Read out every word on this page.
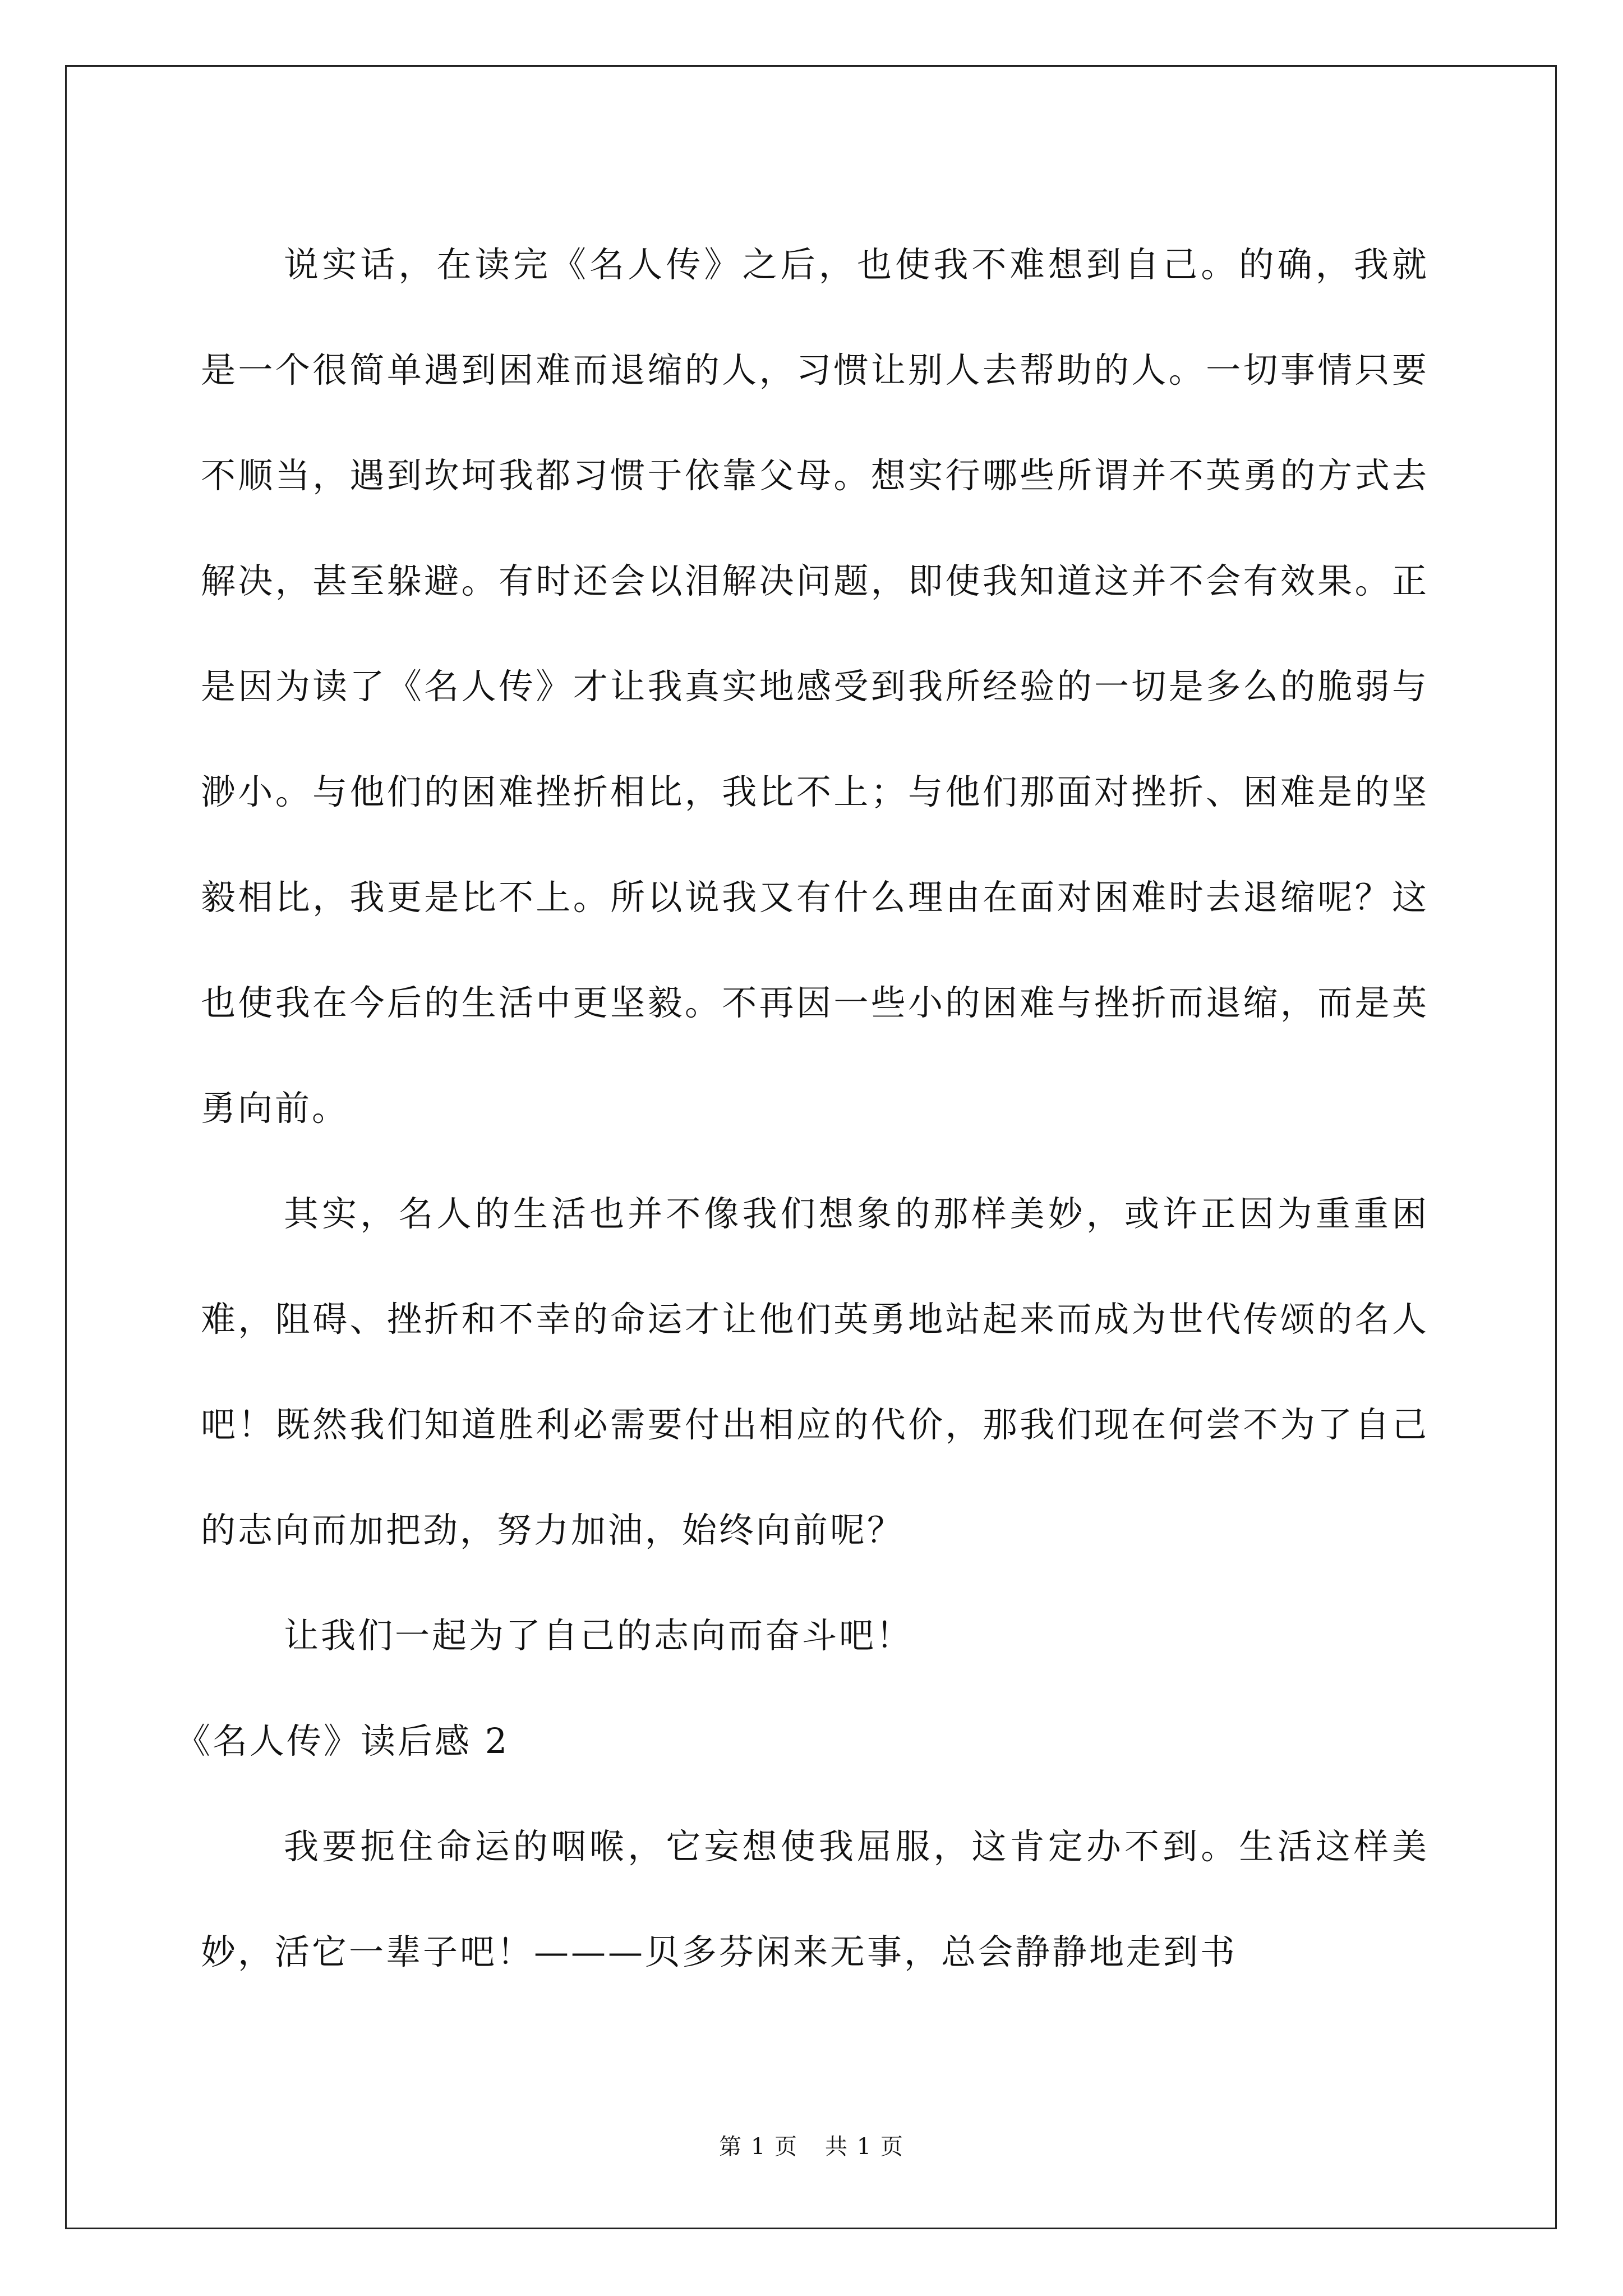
说实话，在读完《名人传》之后，也使我不难想到自己。的确，我就是一个很简单遇到困难而退缩的人，习惯让别人去帮助的人。一切事情只要不顺当，遇到坎坷我都习惯于依靠父母。想实行哪些所谓并不英勇的方式去解决，甚至躲避。有时还会以泪解决问题，即使我知道这并不会有效果。正是因为读了《名人传》才让我真实地感受到我所经验的一切是多么的脆弱与渺小。与他们的困难挫折相比，我比不上；与他们那面对挫折、困难是的坚毅相比，我更是比不上。所以说我又有什么理由在面对困难时去退缩呢？这也使我在今后的生活中更坚毅。不再因一些小的困难与挫折而退缩，而是英勇向前。

其实，名人的生活也并不像我们想象的那样美妙，或许正因为重重困难，阻碍、挫折和不幸的命运才让他们英勇地站起来而成为世代传颂的名人吧！既然我们知道胜利必需要付出相应的代价，那我们现在何尝不为了自己的志向而加把劲，努力加油，始终向前呢？

让我们一起为了自己的志向而奋斗吧！

《名人传》读后感 2

我要扼住命运的咽喉，它妄想使我屈服，这肯定办不到。生活这样美妙，活它一辈子吧！———贝多芬闲来无事，总会静静地走到书

第 1 页 共 1 页
